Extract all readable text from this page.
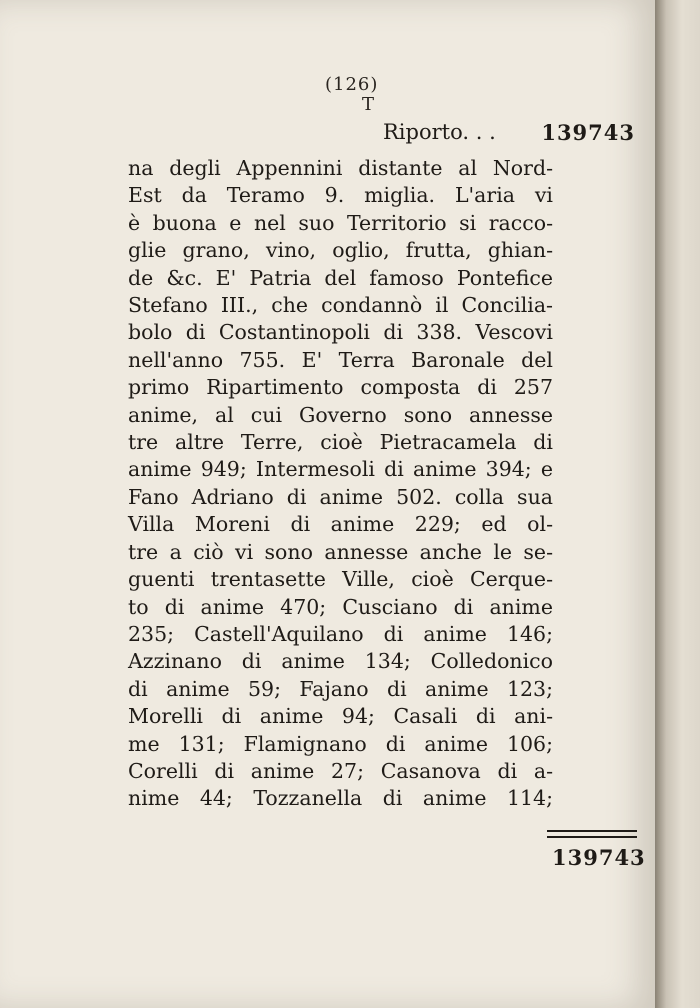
(126)
T
Riporto. . . 139743
na degli Appennini distante al Nord-
Est da Teramo 9. miglia. L'aria vi
è buona e nel suo Territorio si racco-
glie grano, vino, oglio, frutta, ghian-
de &c. E' Patria del famoso Pontefice
Stefano III., che condannò il Concilia-
bolo di Costantinopoli di 338. Vescovi
nell'anno 755. E' Terra Baronale del
primo Ripartimento composta di 257
anime, al cui Governo sono annesse
tre altre Terre, cioè Pietracamela di
anime 949; Intermesoli di anime 394; e
Fano Adriano di anime 502. colla sua
Villa Moreni di anime 229; ed ol-
tre a ciò vi sono annesse anche le se-
guenti trentasette Ville, cioè Cerque-
to di anime 470; Cusciano di anime
235; Castell'Aquilano di anime 146;
Azzinano di anime 134; Colledonico
di anime 59; Fajano di anime 123;
Morelli di anime 94; Casali di ani-
me 131; Flamignano di anime 106;
Corelli di anime 27; Casanova di a-
nime 44; Tozzanella di anime 114;
139743
